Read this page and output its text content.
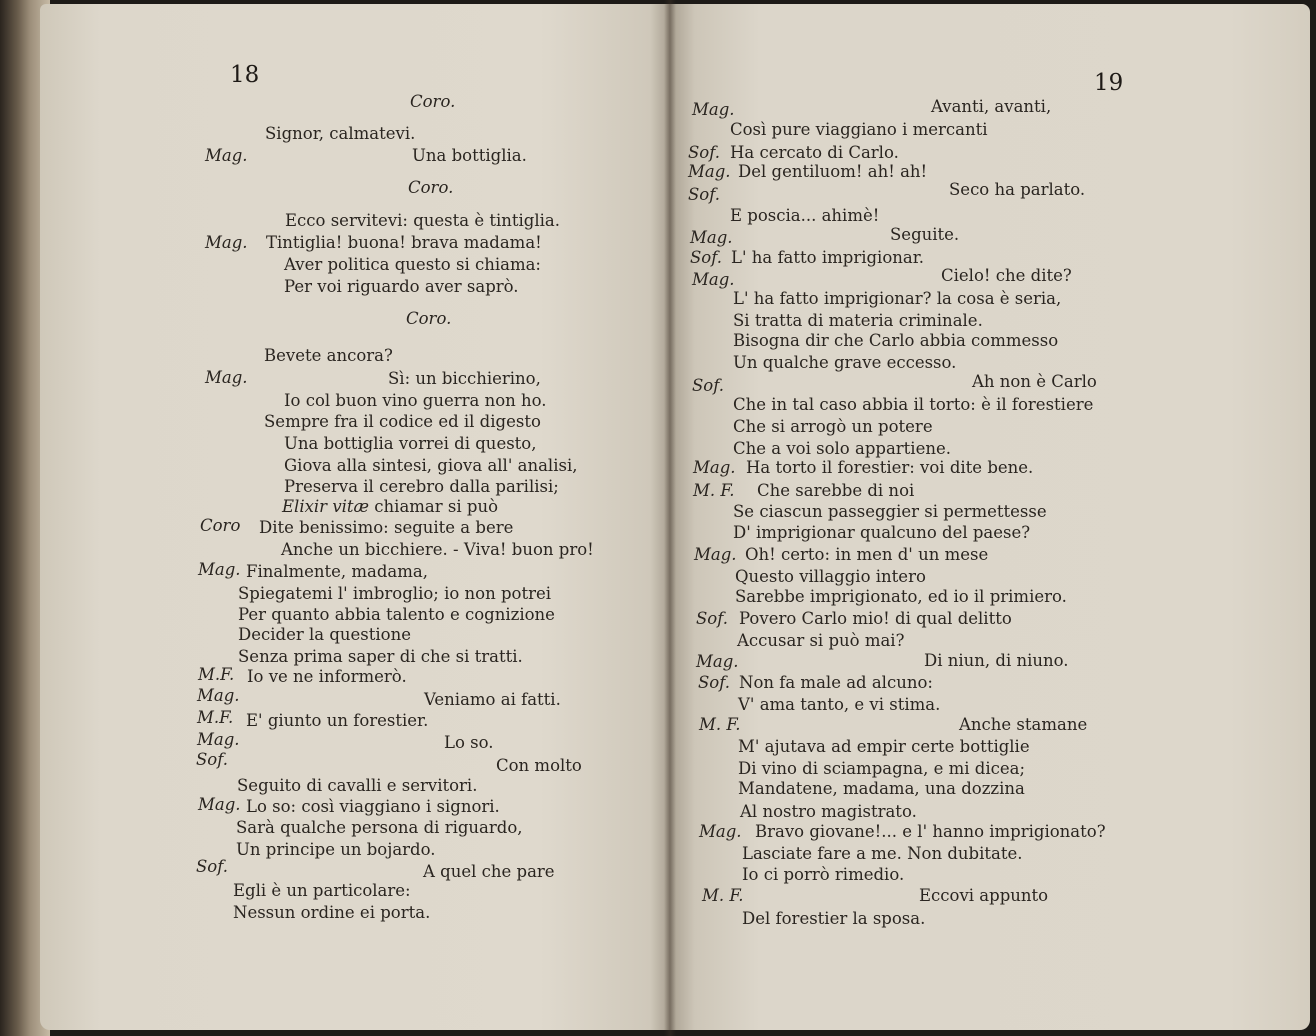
18	19
Coro.
Signor, calmatevi.
Una bottiglia.
Coro.
Ecco servitevi: questa è tintiglia.
Tintiglia! buona! brava madama!
Aver politica questo si chiama:
Per voi riguardo aver saprò.
Coro.
Bevete ancora?
Sì: un bicchierino,
Io col buon vino guerra non ho.
Sempre fra il codice ed il digesto
Una bottiglia vorrei di questo,
Giova alla sintesi, giova all' analisi,
Preserva il cerebro dalla parilisi;
Elixir vitæ chiamar si può
Dite benissimo: seguite a bere
Anche un bicchiere. - Viva! buon pro!
Finalmente, madama,
Spiegatemi l' imbroglio; io non potrei
Per quanto abbia talento e cognizione
Decider la questione
Senza prima saper di che si tratti.
Io ve ne informerò.
Veniamo ai fatti.
E' giunto un forestier.
Lo so.
Con molto
Seguito di cavalli e servitori.
Lo so: così viaggiano i signori.
Sarà qualche persona di riguardo,
Un principe un bojardo.
A quel che pare
Egli è un particolare:
Nessun ordine ei porta.
Mag.
Mag.
Mag.
Coro
Mag.
M.F.
Mag.
M.F.
Mag.
Sof.
Mag.
Sof.
Avanti, avanti,
Così pure viaggiano i mercanti
Ha cercato di Carlo.
Del gentiluom! ah! ah!
Seco ha parlato.
E poscia... ahimè!
Seguite.
L' ha fatto imprigionar.
Cielo! che dite?
L' ha fatto imprigionar? la cosa è seria,
Si tratta di materia criminale.
Bisogna dir che Carlo abbia commesso
Un qualche grave eccesso.
Ah non è Carlo
Che in tal caso abbia il torto: è il forestiere
Che si arrogò un potere
Che a voi solo appartiene.
Ha torto il forestier: voi dite bene.
Che sarebbe di noi
Se ciascun passeggier si permettesse
D' imprigionar qualcuno del paese?
Oh! certo: in men d' un mese
Questo villaggio intero
Sarebbe imprigionato, ed io il primiero.
Povero Carlo mio! di qual delitto
Accusar si può mai?
Di niun, di niuno.
Non fa male ad alcuno:
V' ama tanto, e vi stima.
Anche stamane
M' ajutava ad empir certe bottiglie
Di vino di sciampagna, e mi dicea;
Mandatene, madama, una dozzina
Al nostro magistrato.
Bravo giovane!... e l' hanno imprigionato?
Lasciate fare a me. Non dubitate.
Io ci porrò rimedio.
Eccovi appunto
Del forestier la sposa.
Mag.
Sof.
Mag.
Sof.
Mag.
Sof.
Mag.
Sof.
Mag.
M. F.
Mag.
Sof.
Mag.
Sof.
M. F.
Mag.
M. F.
